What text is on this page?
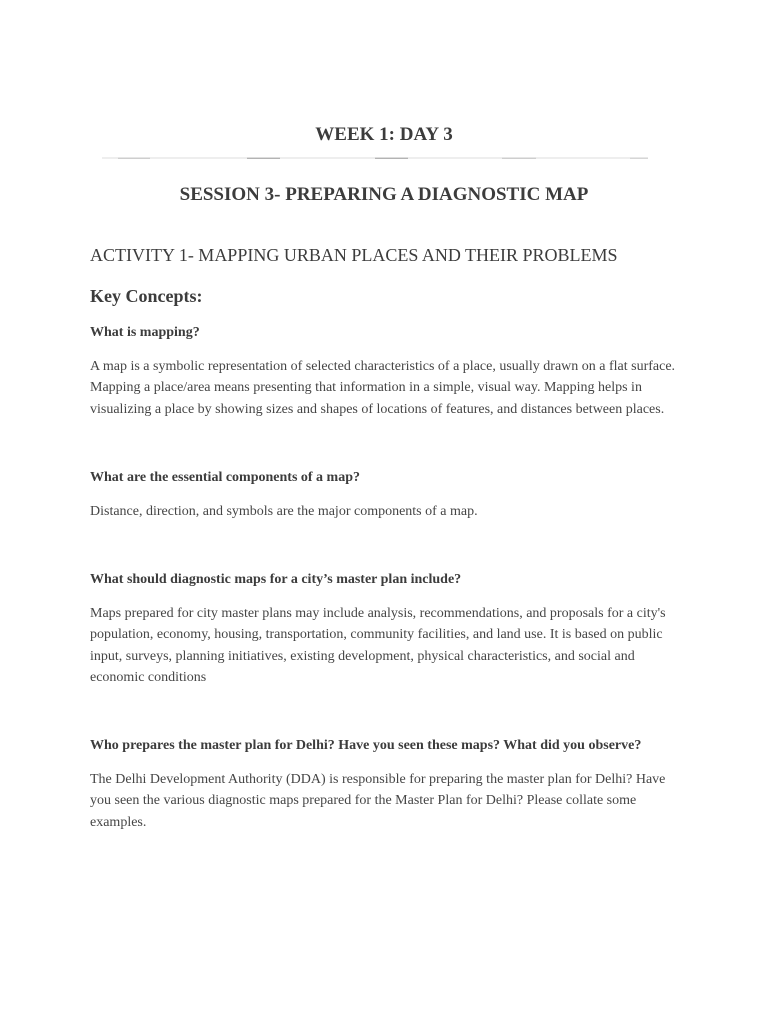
WEEK 1: DAY 3
SESSION 3- PREPARING A DIAGNOSTIC MAP
ACTIVITY 1- MAPPING URBAN PLACES AND THEIR PROBLEMS
Key Concepts:

What is mapping?

A map is a symbolic representation of selected characteristics of a place, usually drawn on a flat surface. Mapping a place/area means presenting that information in a simple, visual way. Mapping helps in visualizing a place by showing sizes and shapes of locations of features, and distances between places.

What are the essential components of a map?

Distance, direction, and symbols are the major components of a map.

What should diagnostic maps for a city’s master plan include?

Maps prepared for city master plans may include analysis, recommendations, and proposals for a city's population, economy, housing, transportation, community facilities, and land use. It is based on public input, surveys, planning initiatives, existing development, physical characteristics, and social and economic conditions

Who prepares the master plan for Delhi? Have you seen these maps? What did you observe?

The Delhi Development Authority (DDA) is responsible for preparing the master plan for Delhi? Have you seen the various diagnostic maps prepared for the Master Plan for Delhi? Please collate some examples.
